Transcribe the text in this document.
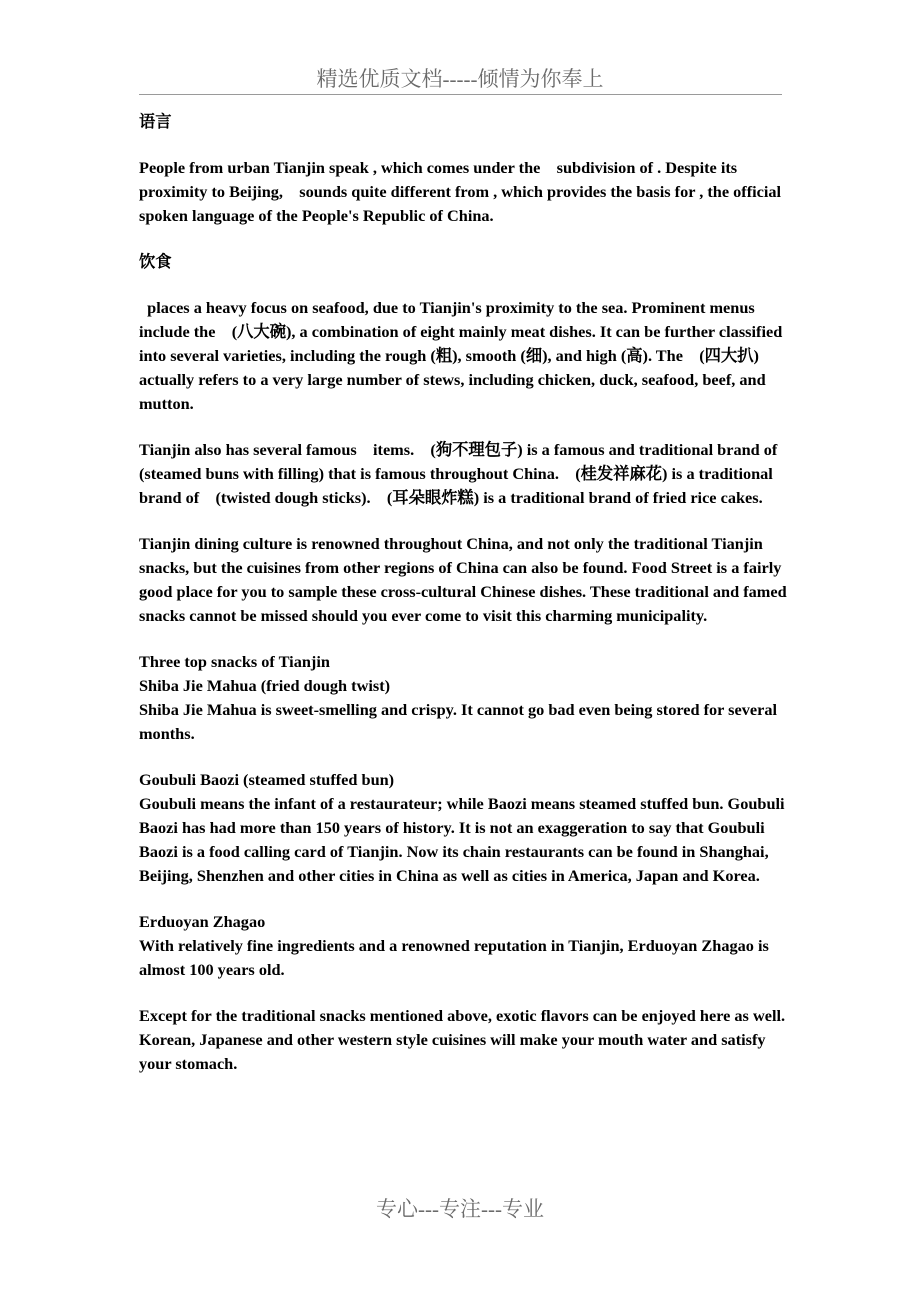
精选优质文档-----倾情为你奉上

语言

People from urban Tianjin speak , which comes under the    subdivision of . Despite its proximity to Beijing,    sounds quite different from , which provides the basis for , the official spoken language of the People's Republic of China.

饮食

places a heavy focus on seafood, due to Tianjin's proximity to the sea. Prominent menus include the    (八大碗), a combination of eight mainly meat dishes. It can be further classified into several varieties, including the rough (粗), smooth (细), and high (高). The    (四大扒) actually refers to a very large number of stews, including chicken, duck, seafood, beef, and mutton.

Tianjin also has several famous    items.    (狗不理包子) is a famous and traditional brand of    (steamed buns with filling) that is famous throughout China.    (桂发祥麻花) is a traditional brand of    (twisted dough sticks).    (耳朵眼炸糕) is a traditional brand of fried rice cakes.

Tianjin dining culture is renowned throughout China, and not only the traditional Tianjin snacks, but the cuisines from other regions of China can also be found. Food Street is a fairly good place for you to sample these cross-cultural Chinese dishes. These traditional and famed snacks cannot be missed should you ever come to visit this charming municipality.

Three top snacks of Tianjin
Shiba Jie Mahua (fried dough twist)
Shiba Jie Mahua is sweet-smelling and crispy. It cannot go bad even being stored for several months.

Goubuli Baozi (steamed stuffed bun)
Goubuli means the infant of a restaurateur; while Baozi means steamed stuffed bun. Goubuli Baozi has had more than 150 years of history. It is not an exaggeration to say that Goubuli Baozi is a food calling card of Tianjin. Now its chain restaurants can be found in Shanghai, Beijing, Shenzhen and other cities in China as well as cities in America, Japan and Korea.

Erduoyan Zhagao
With relatively fine ingredients and a renowned reputation in Tianjin, Erduoyan Zhagao is almost 100 years old.

Except for the traditional snacks mentioned above, exotic flavors can be enjoyed here as well. Korean, Japanese and other western style cuisines will make your mouth water and satisfy your stomach.

专心---专注---专业
